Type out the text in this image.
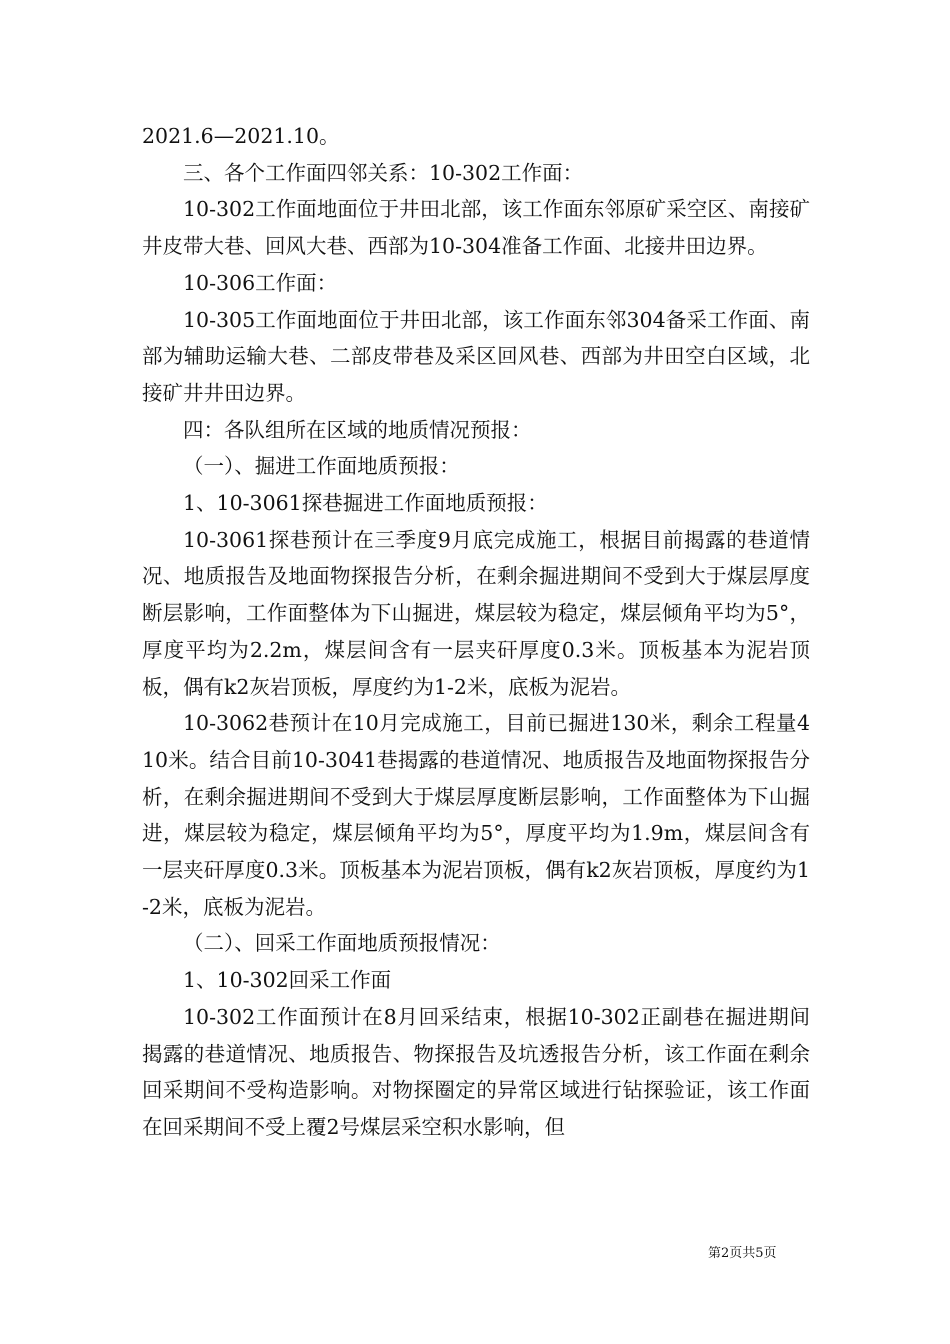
2021.6—2021.10。

三、各个工作面四邻关系：10-302工作面：

10-302工作面地面位于井田北部，该工作面东邻原矿采空区、南接矿井皮带大巷、回风大巷、西部为10-304准备工作面、北接井田边界。

10-306工作面：

10-305工作面地面位于井田北部，该工作面东邻304备采工作面、南部为辅助运输大巷、二部皮带巷及采区回风巷、西部为井田空白区域，北接矿井井田边界。

四：各队组所在区域的地质情况预报：

（一）、掘进工作面地质预报：

1、10-3061探巷掘进工作面地质预报：

10-3061探巷预计在三季度9月底完成施工，根据目前揭露的巷道情况、地质报告及地面物探报告分析，在剩余掘进期间不受到大于煤层厚度断层影响，工作面整体为下山掘进，煤层较为稳定，煤层倾角平均为5°，厚度平均为2.2m，煤层间含有一层夹矸厚度0.3米。顶板基本为泥岩顶板，偶有k2灰岩顶板，厚度约为1-2米，底板为泥岩。

10-3062巷预计在10月完成施工，目前已掘进130米，剩余工程量410米。结合目前10-3041巷揭露的巷道情况、地质报告及地面物探报告分析，在剩余掘进期间不受到大于煤层厚度断层影响，工作面整体为下山掘进，煤层较为稳定，煤层倾角平均为5°，厚度平均为1.9m，煤层间含有一层夹矸厚度0.3米。顶板基本为泥岩顶板，偶有k2灰岩顶板，厚度约为1-2米，底板为泥岩。

（二）、回采工作面地质预报情况：

1、10-302回采工作面

10-302工作面预计在8月回采结束，根据10-302正副巷在掘进期间揭露的巷道情况、地质报告、物探报告及坑透报告分析，该工作面在剩余回采期间不受构造影响。对物探圈定的异常区域进行钻探验证，该工作面在回采期间不受上覆2号煤层采空积水影响，但

第2页共5页
